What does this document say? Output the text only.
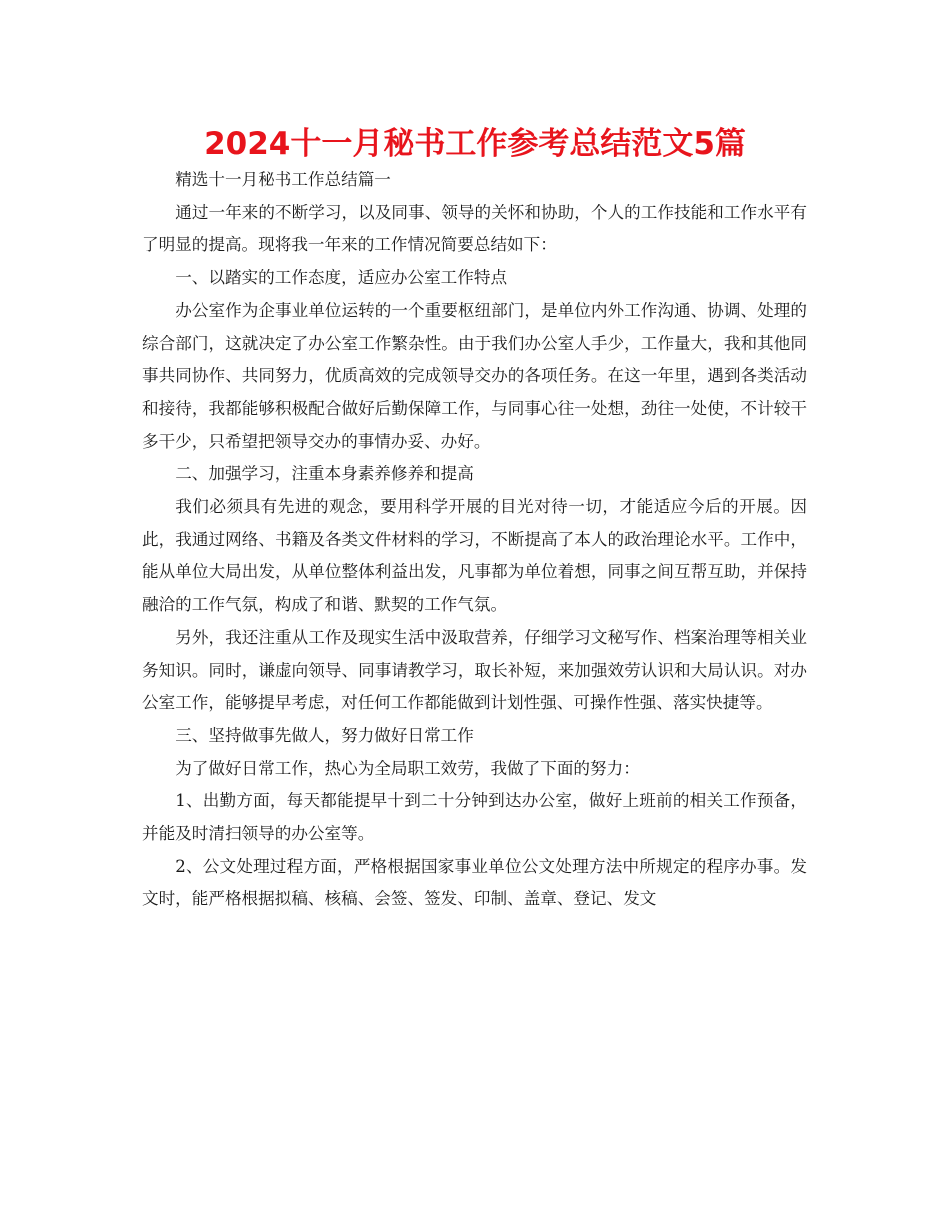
2024十一月秘书工作参考总结范文5篇

精选十一月秘书工作总结篇一

通过一年来的不断学习，以及同事、领导的关怀和协助，个人的工作技能和工作水平有了明显的提高。现将我一年来的工作情况简要总结如下：

一、以踏实的工作态度，适应办公室工作特点

办公室作为企事业单位运转的一个重要枢纽部门，是单位内外工作沟通、协调、处理的综合部门，这就决定了办公室工作繁杂性。由于我们办公室人手少，工作量大，我和其他同事共同协作、共同努力，优质高效的完成领导交办的各项任务。在这一年里，遇到各类活动和接待，我都能够积极配合做好后勤保障工作，与同事心往一处想，劲往一处使，不计较干多干少，只希望把领导交办的事情办妥、办好。

二、加强学习，注重本身素养修养和提高

我们必须具有先进的观念，要用科学开展的目光对待一切，才能适应今后的开展。因此，我通过网络、书籍及各类文件材料的学习，不断提高了本人的政治理论水平。工作中，能从单位大局出发，从单位整体利益出发，凡事都为单位着想，同事之间互帮互助，并保持融洽的工作气氛，构成了和谐、默契的工作气氛。

另外，我还注重从工作及现实生活中汲取营养，仔细学习文秘写作、档案治理等相关业务知识。同时，谦虚向领导、同事请教学习，取长补短，来加强效劳认识和大局认识。对办公室工作，能够提早考虑，对任何工作都能做到计划性强、可操作性强、落实快捷等。

三、坚持做事先做人，努力做好日常工作

为了做好日常工作，热心为全局职工效劳，我做了下面的努力：

1、出勤方面，每天都能提早十到二十分钟到达办公室，做好上班前的相关工作预备，并能及时清扫领导的办公室等。

2、公文处理过程方面，严格根据国家事业单位公文处理方法中所规定的程序办事。发文时，能严格根据拟稿、核稿、会签、签发、印制、盖章、登记、发文
